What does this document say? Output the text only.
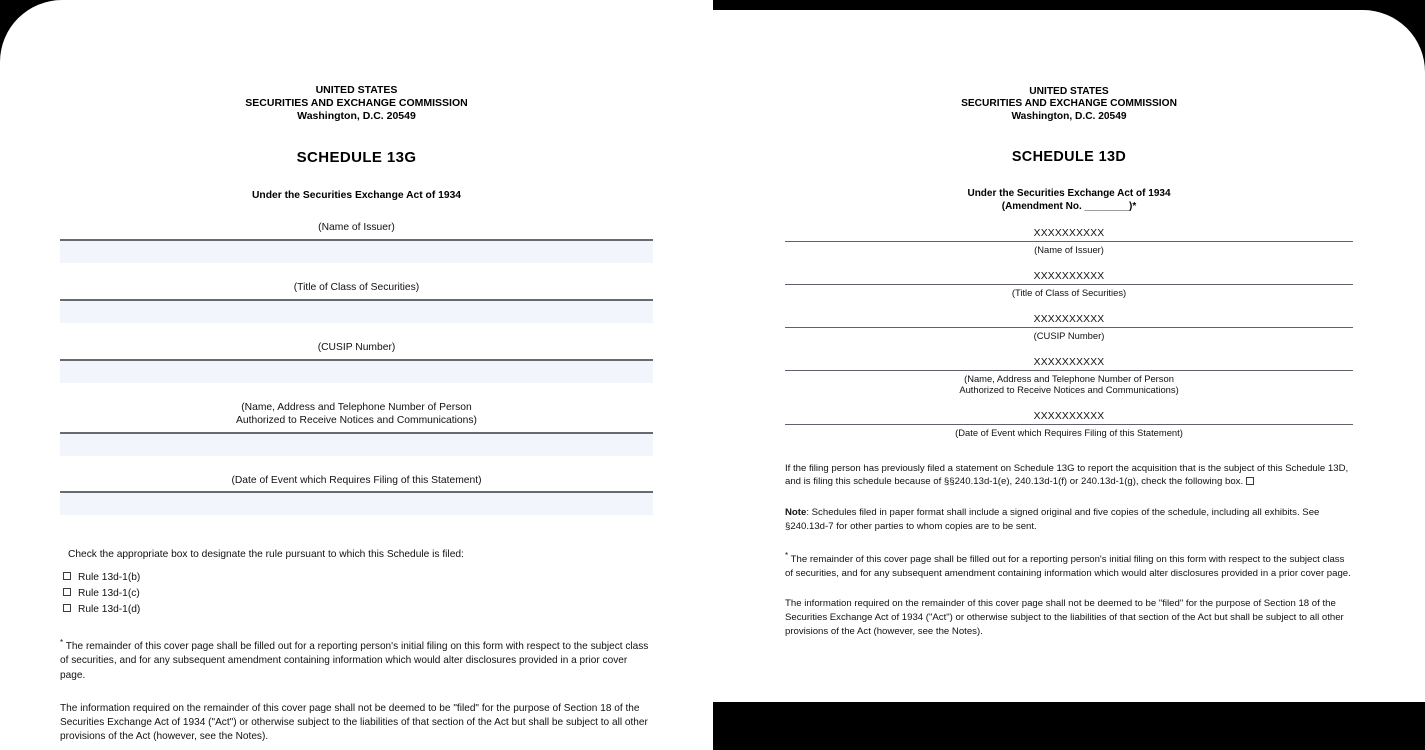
UNITED STATES
SECURITIES AND EXCHANGE COMMISSION
Washington, D.C. 20549
SCHEDULE 13G
Under the Securities Exchange Act of 1934
(Name of Issuer)
(Title of Class of Securities)
(CUSIP Number)
(Name, Address and Telephone Number of Person
Authorized to Receive Notices and Communications)
(Date of Event which Requires Filing of this Statement)
Check the appropriate box to designate the rule pursuant to which this Schedule is filed:
Rule 13d-1(b)
Rule 13d-1(c)
Rule 13d-1(d)
* The remainder of this cover page shall be filled out for a reporting person's initial filing on this form with respect to the subject class of securities, and for any subsequent amendment containing information which would alter disclosures provided in a prior cover page.
The information required on the remainder of this cover page shall not be deemed to be "filed" for the purpose of Section 18 of the Securities Exchange Act of 1934 ("Act") or otherwise subject to the liabilities of that section of the Act but shall be subject to all other provisions of the Act (however, see the Notes).
UNITED STATES
SECURITIES AND EXCHANGE COMMISSION
Washington, D.C. 20549
SCHEDULE 13D
Under the Securities Exchange Act of 1934
(Amendment No. ________)*
XXXXXXXXXX
(Name of Issuer)
XXXXXXXXXX
(Title of Class of Securities)
XXXXXXXXXX
(CUSIP Number)
XXXXXXXXXX
(Name, Address and Telephone Number of Person
Authorized to Receive Notices and Communications)
XXXXXXXXXX
(Date of Event which Requires Filing of this Statement)
If the filing person has previously filed a statement on Schedule 13G to report the acquisition that is the subject of this Schedule 13D, and is filing this schedule because of §§240.13d-1(e), 240.13d-1(f) or 240.13d-1(g), check the following box.
Note: Schedules filed in paper format shall include a signed original and five copies of the schedule, including all exhibits. See §240.13d-7 for other parties to whom copies are to be sent.
* The remainder of this cover page shall be filled out for a reporting person's initial filing on this form with respect to the subject class of securities, and for any subsequent amendment containing information which would alter disclosures provided in a prior cover page.
The information required on the remainder of this cover page shall not be deemed to be "filed" for the purpose of Section 18 of the Securities Exchange Act of 1934 ("Act") or otherwise subject to the liabilities of that section of the Act but shall be subject to all other provisions of the Act (however, see the Notes).
